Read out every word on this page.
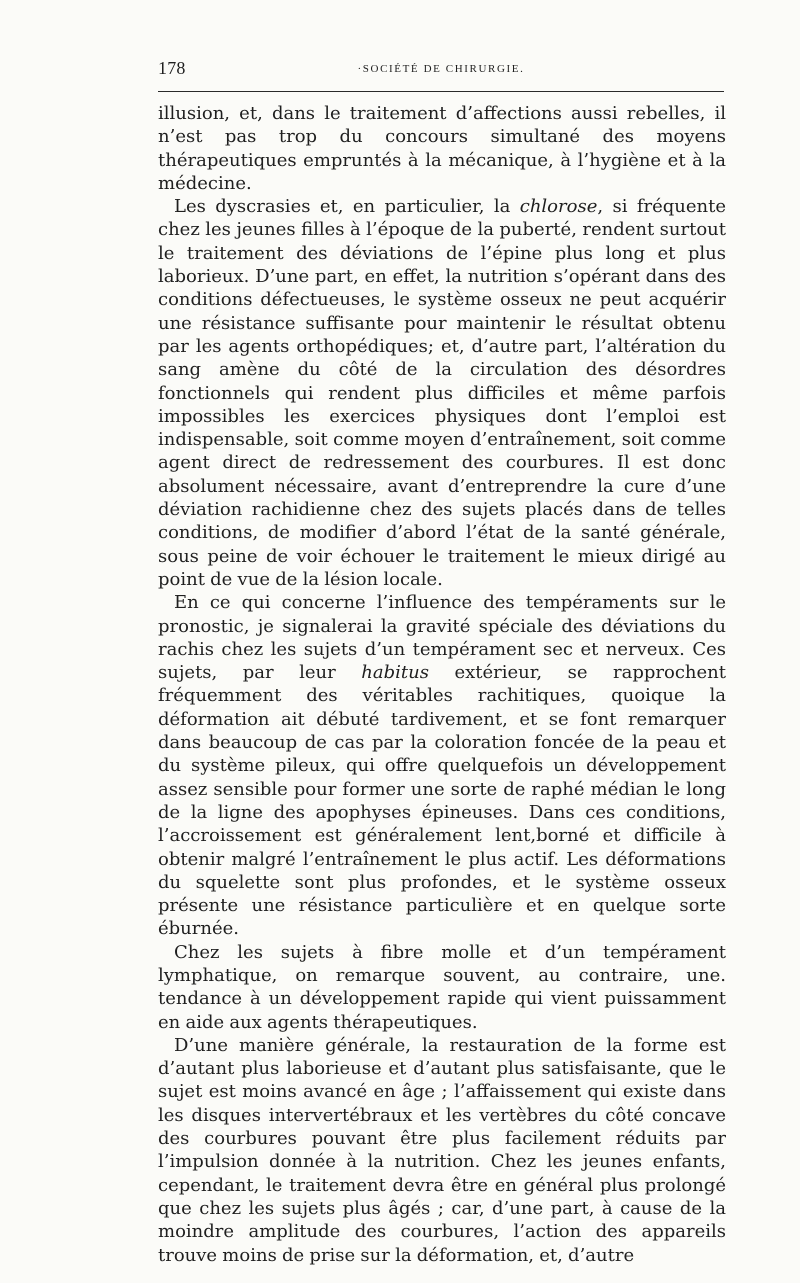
178	·SOCIÉTÉ DE CHIRURGIE.

illusion, et, dans le traitement d’affections aussi rebelles, il n’est pas trop du concours simultané des moyens thérapeutiques empruntés à la mécanique, à l’hygiène et à la médecine.

Les dyscrasies et, en particulier, la chlorose, si fréquente chez les jeunes filles à l’époque de la puberté, rendent surtout le traitement des déviations de l’épine plus long et plus laborieux. D’une part, en effet, la nutrition s’opérant dans des conditions défectueuses, le système osseux ne peut acquérir une résistance suffisante pour maintenir le résultat obtenu par les agents orthopédiques; et, d’autre part, l’altération du sang amène du côté de la circulation des désordres fonctionnels qui rendent plus difficiles et même parfois impossibles les exercices physiques dont l’emploi est indispensable, soit comme moyen d’entraînement, soit comme agent direct de redressement des courbures. Il est donc absolument nécessaire, avant d’entreprendre la cure d’une déviation rachidienne chez des sujets placés dans de telles conditions, de modifier d’abord l’état de la santé générale, sous peine de voir échouer le traitement le mieux dirigé au point de vue de la lésion locale.

En ce qui concerne l’influence des tempéraments sur le pronostic, je signalerai la gravité spéciale des déviations du rachis chez les sujets d’un tempérament sec et nerveux. Ces sujets, par leur habitus extérieur, se rapprochent fréquemment des véritables rachitiques, quoique la déformation ait débuté tardivement, et se font remarquer dans beaucoup de cas par la coloration foncée de la peau et du système pileux, qui offre quelquefois un développement assez sensible pour former une sorte de raphé médian le long de la ligne des apophyses épineuses. Dans ces conditions, l’accroissement est généralement lent,borné et difficile à obtenir malgré l’entraînement le plus actif. Les déformations du squelette sont plus profondes, et le système osseux présente une résistance particulière et en quelque sorte éburnée.

Chez les sujets à fibre molle et d’un tempérament lymphatique, on remarque souvent, au contraire, une. tendance à un développement rapide qui vient puissamment en aide aux agents thérapeutiques.

D’une manière générale, la restauration de la forme est d’autant plus laborieuse et d’autant plus satisfaisante, que le sujet est moins avancé en âge ; l’affaissement qui existe dans les disques intervertébraux et les vertèbres du côté concave des courbures pouvant être plus facilement réduits par l’impulsion donnée à la nutrition. Chez les jeunes enfants, cependant, le traitement devra être en général plus prolongé que chez les sujets plus âgés ; car, d’une part, à cause de la moindre amplitude des courbures, l’action des appareils trouve moins de prise sur la déformation, et, d’autre
